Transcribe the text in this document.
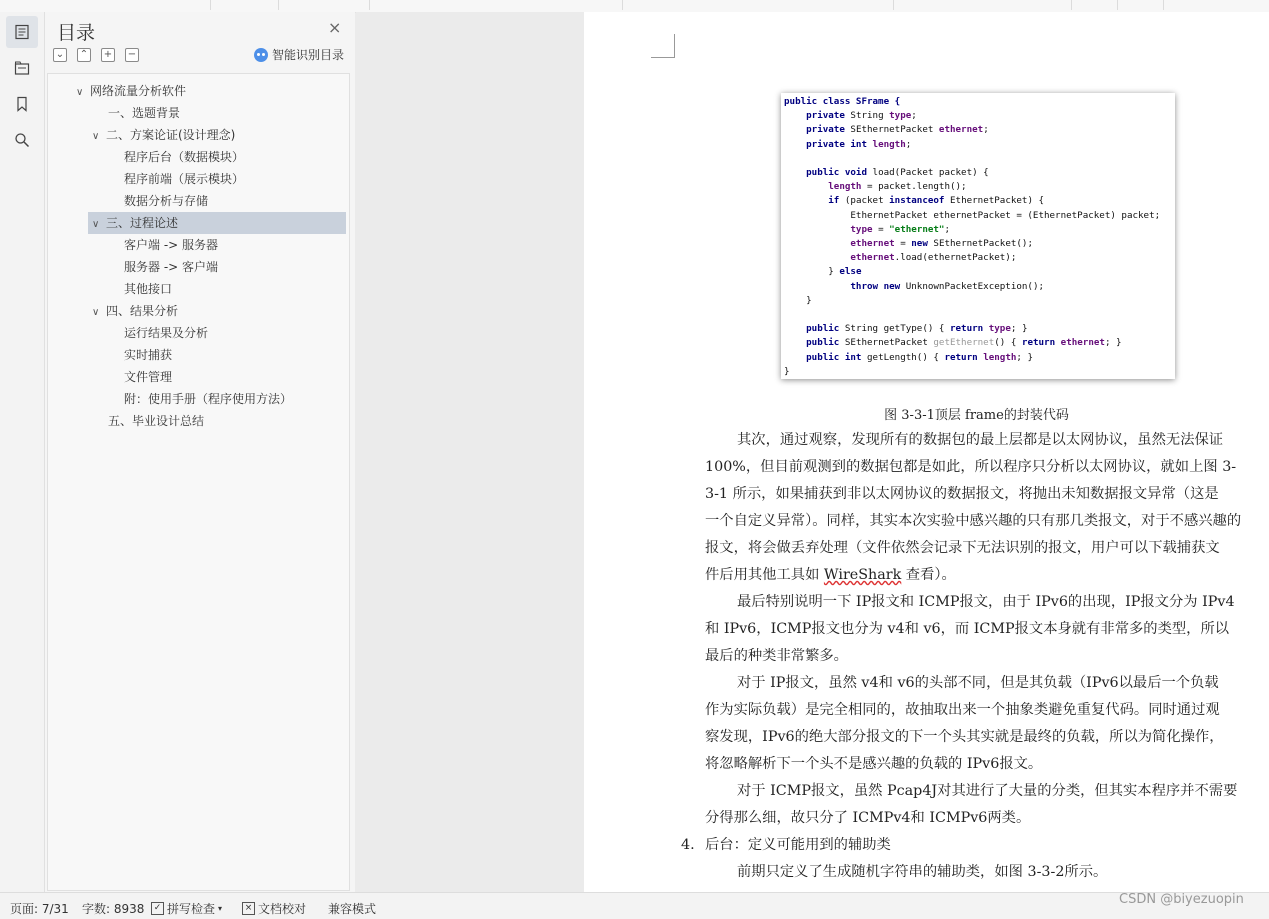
目录	×
⌄ ⌃ + −	智能识别目录
∨ 网络流量分析软件
一、选题背景
∨ 二、方案论证(设计理念)
程序后台（数据模块）
程序前端（展示模块）
数据分析与存储
∨ 三、过程论述
客户端 -> 服务器
服务器 -> 客户端
其他接口
∨ 四、结果分析
运行结果及分析
实时捕获
文件管理
附：使用手册（程序使用方法）
五、毕业设计总结
public class SFrame {
private String type;
private SEthernetPacket ethernet;
private int length;

public void load(Packet packet) {
length = packet.length();
if (packet instanceof EthernetPacket) {
EthernetPacket ethernetPacket = (EthernetPacket) packet;
type = "ethernet";
ethernet = new SEthernetPacket();
ethernet.load(ethernetPacket);
} else
throw new UnknownPacketException();
}

public String getType() { return type; }
public SEthernetPacket getEthernet() { return ethernet; }
public int getLength() { return length; }
}
图 3-3-1顶层 frame的封装代码

其次，通过观察，发现所有的数据包的最上层都是以太网协议，虽然无法保证

100%，但目前观测到的数据包都是如此，所以程序只分析以太网协议，就如上图 3-

3-1 所示，如果捕获到非以太网协议的数据报文，将抛出未知数据报文异常（这是

一个自定义异常）。同样，其实本次实验中感兴趣的只有那几类报文，对于不感兴趣的

报文，将会做丢弃处理（文件依然会记录下无法识别的报文，用户可以下载捕获文

件后用其他工具如 WireShark 查看）。

最后特别说明一下 IP报文和 ICMP报文，由于 IPv6的出现，IP报文分为 IPv4

和 IPv6，ICMP报文也分为 v4和 v6，而 ICMP报文本身就有非常多的类型，所以

最后的种类非常繁多。

对于 IP报文，虽然 v4和 v6的头部不同，但是其负载（IPv6以最后一个负载

作为实际负载）是完全相同的，故抽取出来一个抽象类避免重复代码。同时通过观

察发现，IPv6的绝大部分报文的下一个头其实就是最终的负载，所以为简化操作，

将忽略解析下一个头不是感兴趣的负载的 IPv6报文。

对于 ICMP报文，虽然 Pcap4J对其进行了大量的分类，但其实本程序并不需要

分得那么细，故只分了 ICMPv4和 ICMPv6两类。

4. 后台：定义可能用到的辅助类

前期只定义了生成随机字符串的辅助类，如图 3-3-2所示。

页面: 7/31 字数: 8938	✓ 拼写检查 ▾	× 文档校对 兼容模式
CSDN @biyezuopin
